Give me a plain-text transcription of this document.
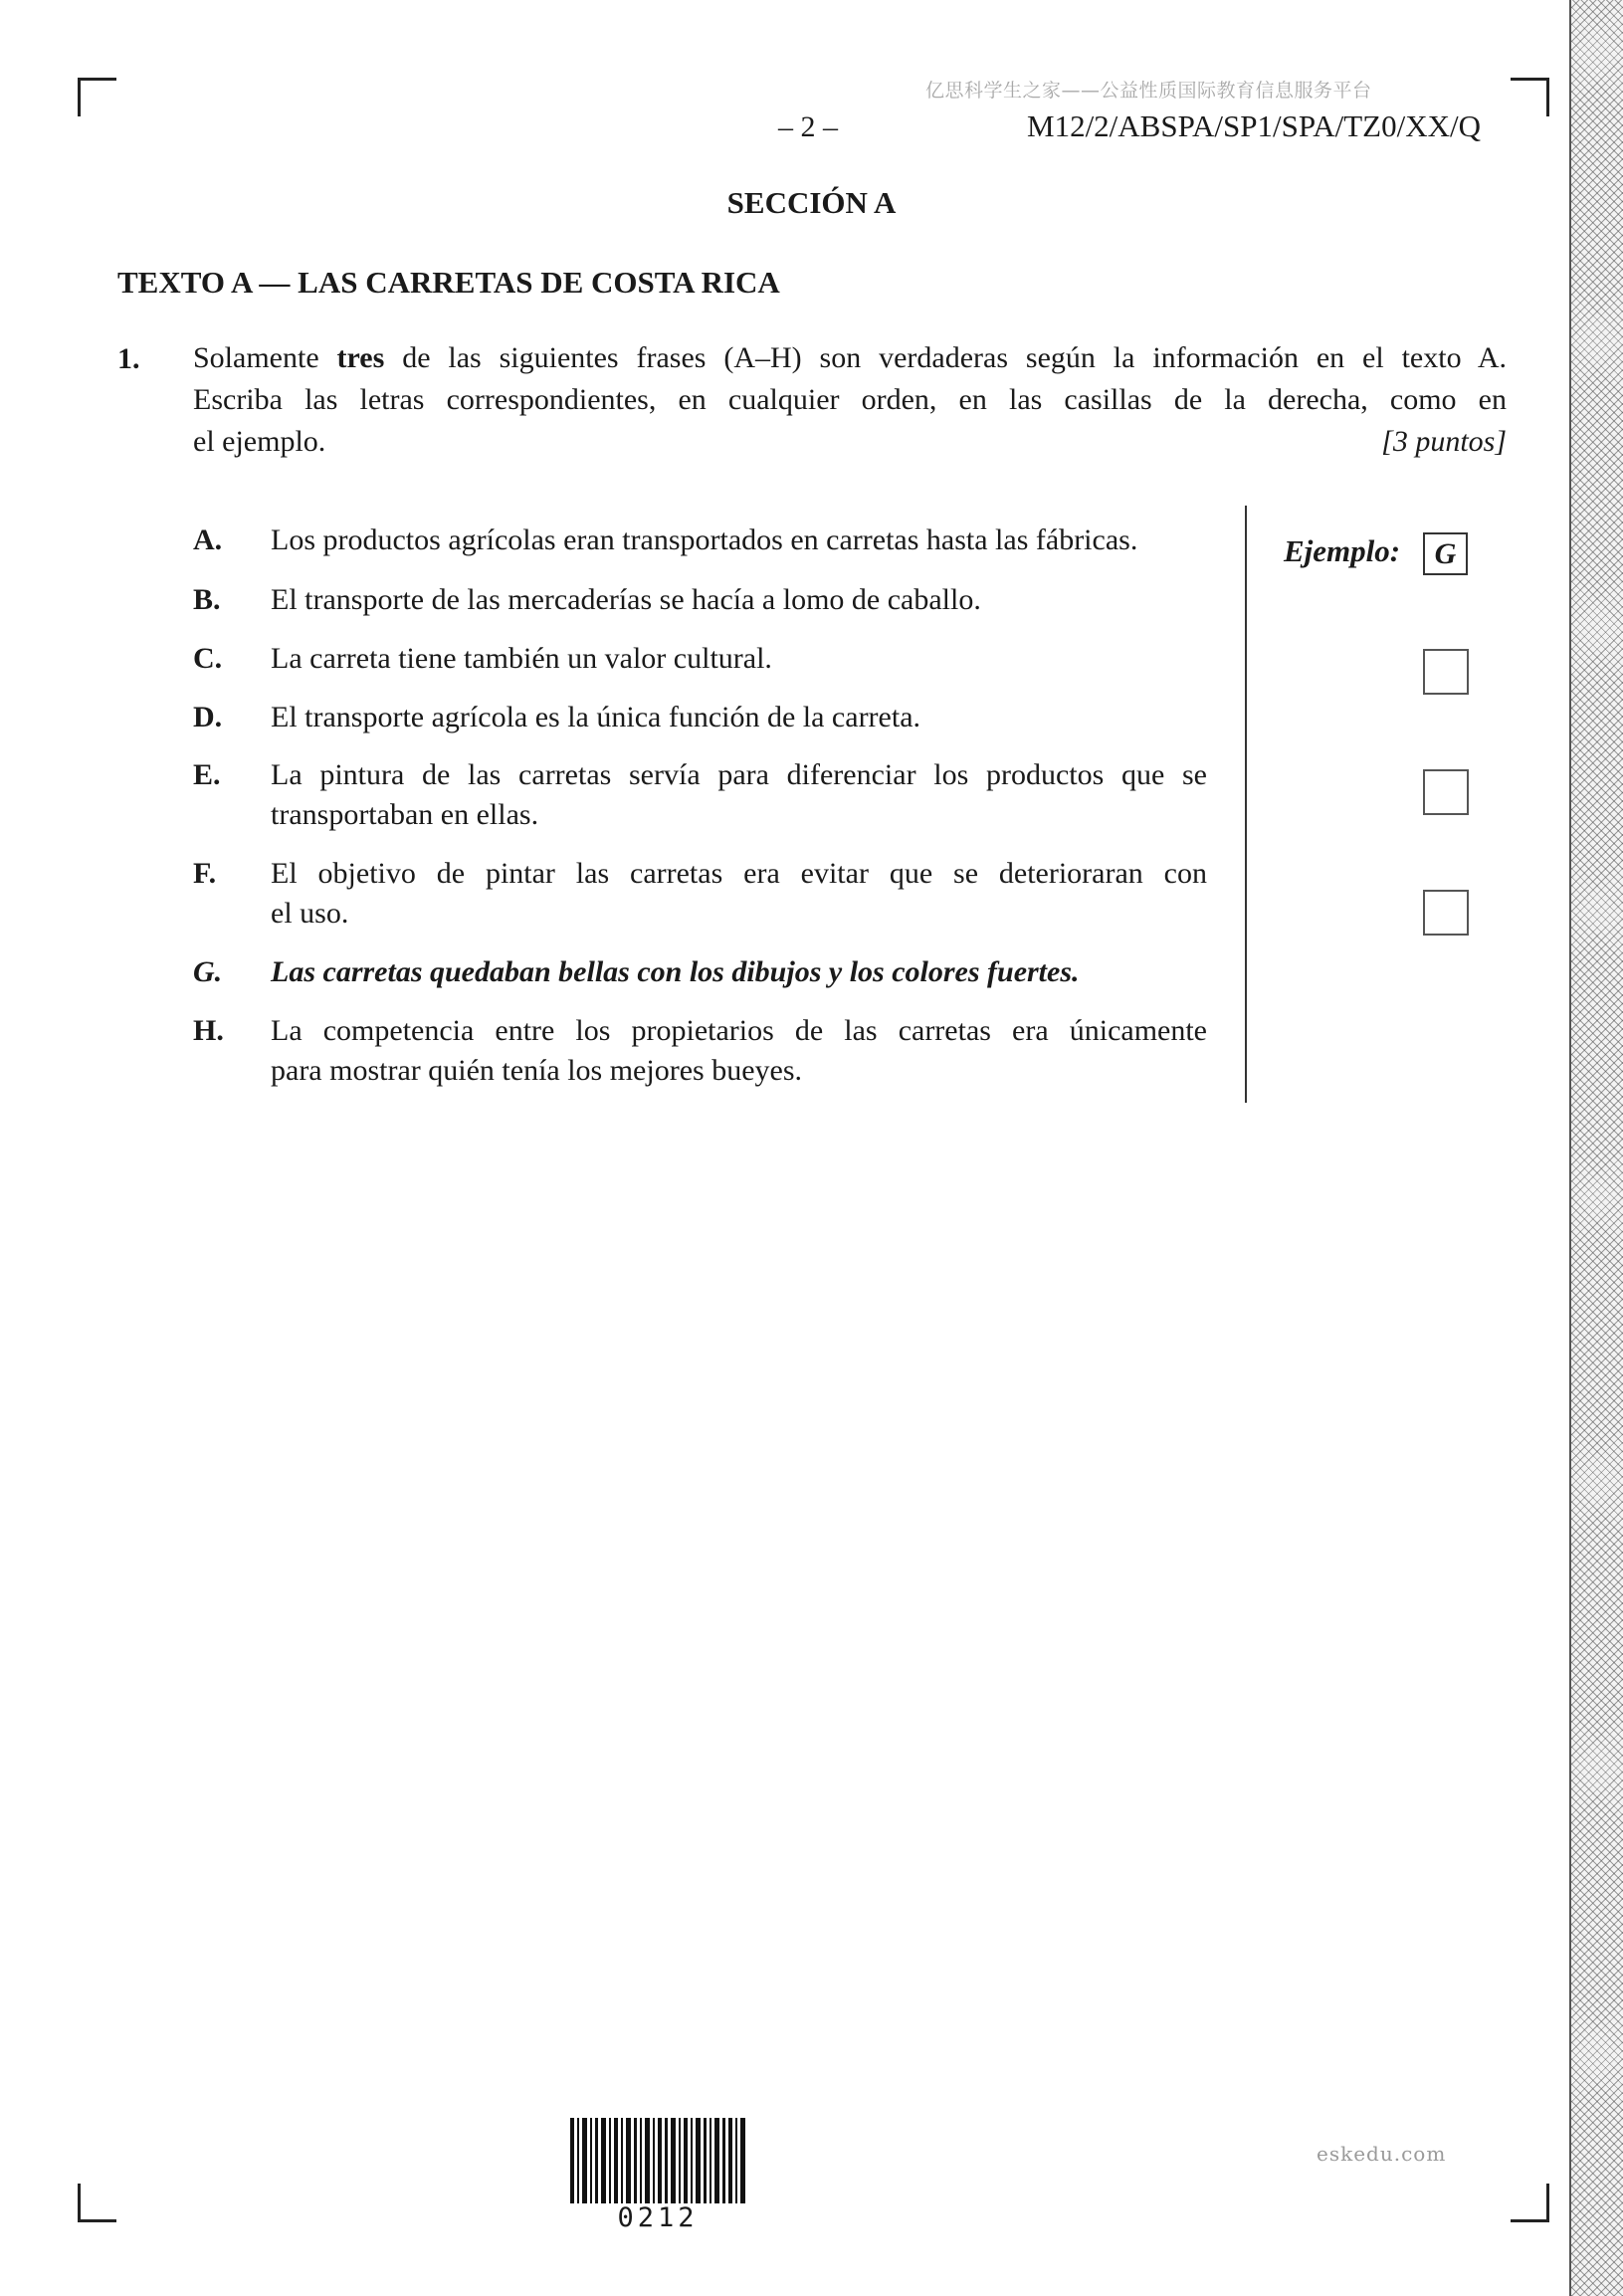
亿思科学生之家——公益性质国际教育信息服务平台
– 2 –	M12/2/ABSPA/SP1/SPA/TZ0/XX/Q
SECCIÓN A
TEXTO A — LAS CARRETAS DE COSTA RICA
1. Solamente tres de las siguientes frases (A–H) son verdaderas según la información en el texto A.
Escriba las letras correspondientes, en cualquier orden, en las casillas de la derecha, como en
el ejemplo.	[3 puntos]
A. Los productos agrícolas eran transportados en carretas hasta las fábricas.
B. El transporte de las mercaderías se hacía a lomo de caballo.
C. La carreta tiene también un valor cultural.
D. El transporte agrícola es la única función de la carreta.
E. La pintura de las carretas servía para diferenciar los productos que se
transportaban en ellas.
F. El objetivo de pintar las carretas era evitar que se deterioraran con
el uso.
G. Las carretas quedaban bellas con los dibujos y los colores fuertes.
H. La competencia entre los propietarios de las carretas era únicamente
para mostrar quién tenía los mejores bueyes.
Ejemplo:	G
0212
eskedu.com
